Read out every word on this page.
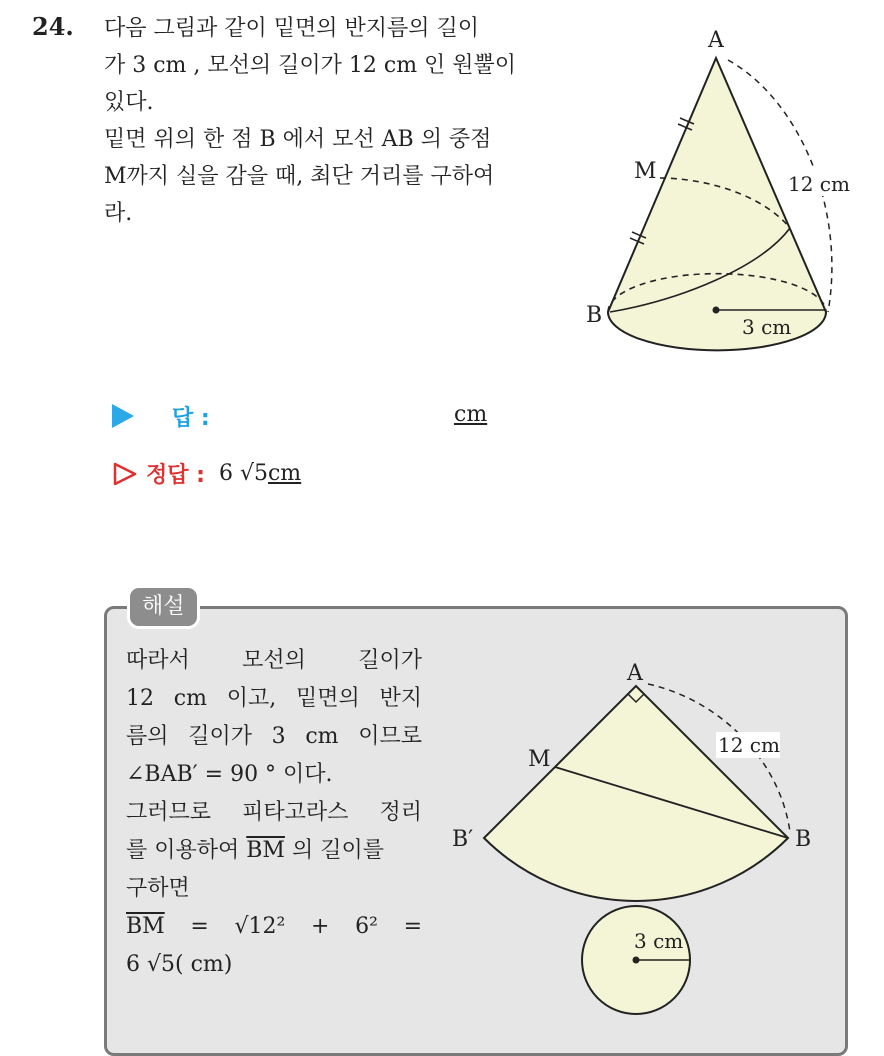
24. 다음 그림과 같이 밑면의 반지름의 길이

가 3 cm , 모선의 길이가 12 cm 인 원뿔이

있다.

밑면 위의 한 점 B 에서 모선 AB 의 중점

M까지 실을 감을 때, 최단 거리를 구하여

라.

A
M
B
12 cm
3 cm
답 :	cm
정답 : 6 √5cm
해설

따라서 모선의 길이가

12 cm 이고, 밑면의 반지

름의 길이가 3 cm 이므로

∠BAB′ = 90 ° 이다.

그러므로 피타고라스 정리

를 이용하여 $\overline{BM}$ 의 길이를

구하면

$\overline{BM} = √12^2 + 6^2$ =

6 √5( cm)

A
M
B′	B
12 cm
3 cm
